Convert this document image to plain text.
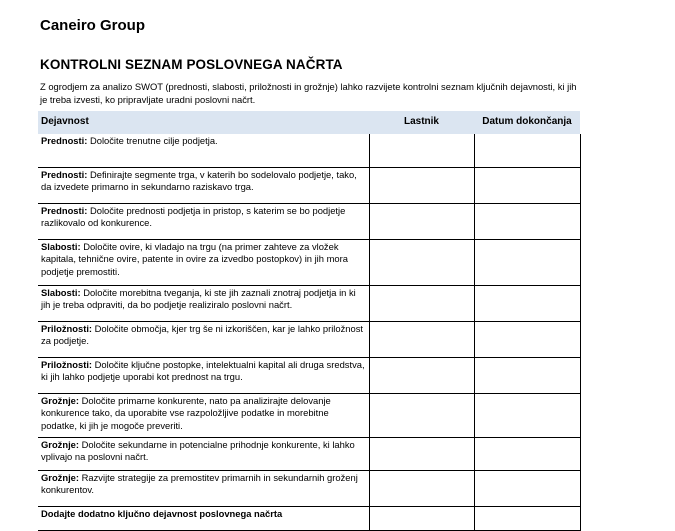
Caneiro Group
KONTROLNI SEZNAM POSLOVNEGA NAČRTA
Z ogrodjem za analizo SWOT (prednosti, slabosti, priložnosti in grožnje) lahko razvijete kontrolni seznam ključnih dejavnosti, ki jih je treba izvesti, ko pripravljate uradni poslovni načrt.
Dejavnost	Lastnik	Datum dokončanja
Prednosti: Določite trenutne cilje podjetja.		
Prednosti: Definirajte segmente trga, v katerih bo sodelovalo podjetje, tako, da izvedete primarno in sekundarno raziskavo trga.		
Prednosti: Določite prednosti podjetja in pristop, s katerim se bo podjetje razlikovalo od konkurence.		
Slabosti: Določite ovire, ki vladajo na trgu (na primer zahteve za vložek kapitala, tehnične ovire, patente in ovire za izvedbo postopkov) in jih mora podjetje premostiti.		
Slabosti: Določite morebitna tveganja, ki ste jih zaznali znotraj podjetja in ki jih je treba odpraviti, da bo podjetje realiziralo poslovni načrt.		
Priložnosti: Določite območja, kjer trg še ni izkoriščen, kar je lahko priložnost za podjetje.		
Priložnosti: Določite ključne postopke, intelektualni kapital ali druga sredstva, ki jih lahko podjetje uporabi kot prednost na trgu.		
Grožnje: Določite primarne konkurente, nato pa analizirajte delovanje konkurence tako, da uporabite vse razpoložljive podatke in morebitne podatke, ki jih je mogoče preveriti.		
Grožnje: Določite sekundarne in potencialne prihodnje konkurente, ki lahko vplivajo na poslovni načrt.		
Grožnje: Razvijte strategije za premostitev primarnih in sekundarnih groženj konkurentov.		
Dodajte dodatno ključno dejavnost poslovnega načrta		
